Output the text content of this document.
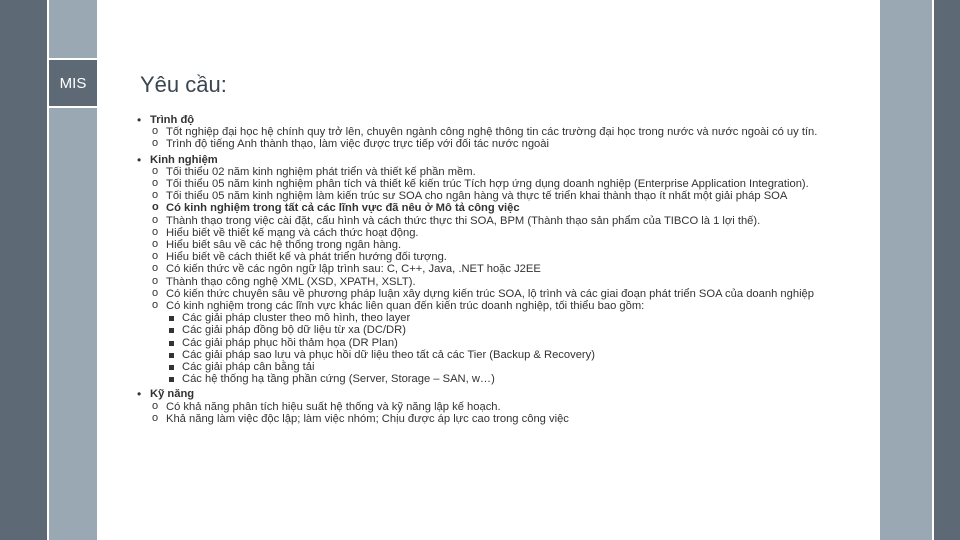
MIS	Yêu cầu:
• Trình độ
o Tốt nghiệp đại học hệ chính quy trở lên, chuyên ngành công nghệ thông tin các trường đại học trong nước và nước ngoài có uy tín.
o Trình độ tiếng Anh thành thạo, làm việc được trực tiếp với đối tác nước ngoài
• Kinh nghiệm
o Tối thiểu 02 năm kinh nghiệm phát triển và thiết kế phần mềm.
o Tối thiểu 05 năm kinh nghiệm phân tích và thiết kế kiến trúc Tích hợp ứng dụng doanh nghiệp (Enterprise Application Integration).
o Tối thiểu 05 năm kinh nghiệm làm kiến trúc sư SOA cho ngân hàng và thực tế triển khai thành thạo ít nhất một giải pháp SOA
o Có kinh nghiệm trong tất cả các lĩnh vực đã nêu ở Mô tả công việc
o Thành thạo trong việc cài đặt, cấu hình và cách thức thực thi SOA, BPM (Thành thạo sản phẩm của TIBCO là 1 lợi thế).
o Hiểu biết về thiết kế mạng và cách thức hoạt động.
o Hiểu biết sâu về các hệ thống trong ngân hàng.
o Hiểu biết về cách thiết kế và phát triển hướng đối tượng.
o Có kiến thức về các ngôn ngữ lập trình sau: C, C++, Java, .NET hoặc J2EE
o Thành thạo công nghệ XML (XSD, XPATH, XSLT).
o Có kiến thức chuyên sâu về phương pháp luận xây dựng kiến trúc SOA, lộ trình và các giai đoạn phát triển SOA của doanh nghiệp
o Có kinh nghiệm trong các lĩnh vực khác liên quan đến kiến trúc doanh nghiệp, tối thiểu bao gồm:
Các giải pháp cluster theo mô hình, theo layer
Các giải pháp đồng bộ dữ liệu từ xa (DC/DR)
Các giải pháp phục hồi thảm họa (DR Plan)
Các giải pháp sao lưu và phục hồi dữ liệu theo tất cả các Tier (Backup & Recovery)
Các giải pháp cân bằng tải
Các hệ thống hạ tầng phần cứng (Server, Storage – SAN, w…)
• Kỹ năng
o Có khả năng phân tích hiệu suất hệ thống và kỹ năng lập kế hoạch.
o Khả năng làm việc độc lập; làm việc nhóm; Chịu được áp lực cao trong công việc
